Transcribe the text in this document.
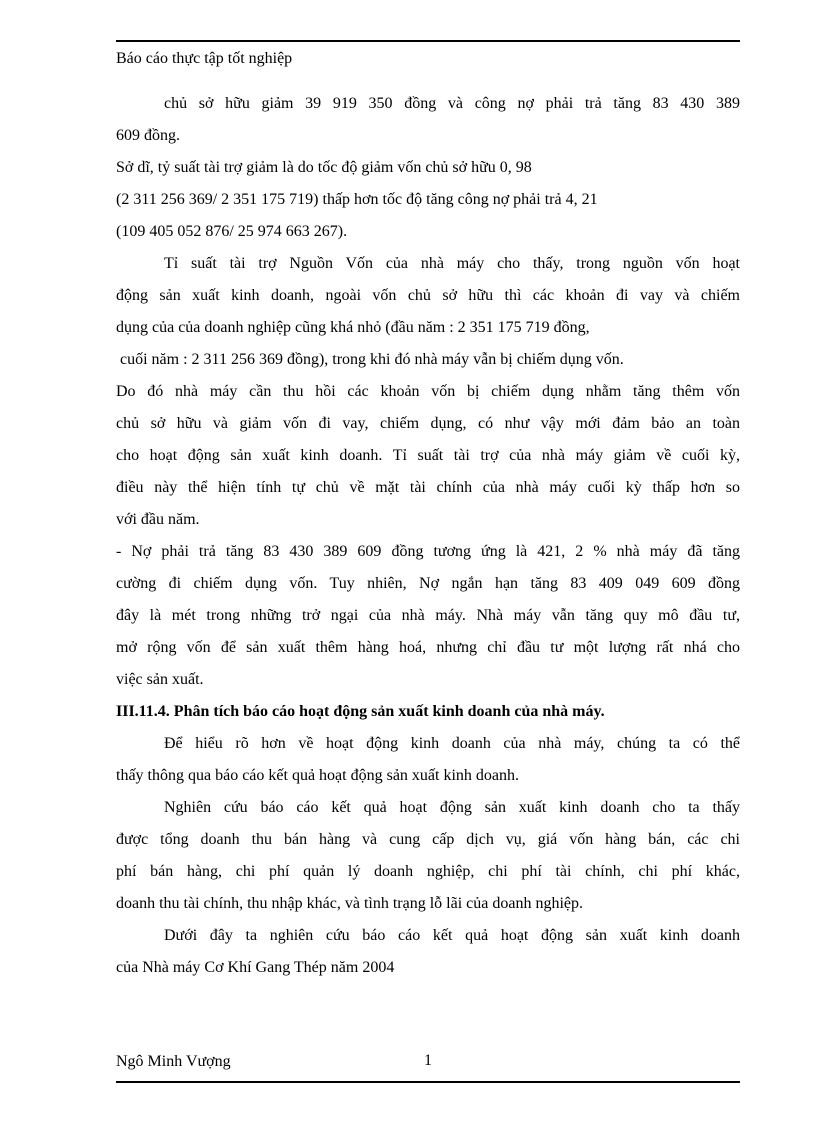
Báo cáo thực tập tốt nghiệp
chủ sở hữu giảm 39 919 350 đồng và công nợ phải trả tăng 83 430 389
609 đồng.
Sở dĩ, tỷ suất tài trợ giảm là do tốc độ giảm vốn chủ sở hữu 0, 98
(2 311 256 369/ 2 351 175 719) thấp hơn tốc độ tăng công nợ phải trả 4, 21
(109 405 052 876/ 25 974 663 267).
Tỉ suất tài trợ Nguồn Vốn của nhà máy cho thấy, trong nguồn vốn hoạt
động sản xuất kinh doanh, ngoài vốn chủ sở hữu thì các khoản đi vay và chiếm
dụng của của doanh nghiệp cũng khá nhỏ (đầu năm : 2 351 175 719 đồng,
cuối năm : 2 311 256 369 đồng), trong khi đó nhà máy vẫn bị chiếm dụng vốn.
Do đó nhà máy cần thu hồi các khoản vốn bị chiếm dụng nhằm tăng thêm vốn
chủ sở hữu và giảm vốn đi vay, chiếm dụng, có như vậy mới đảm bảo an toàn
cho hoạt động sản xuất kinh doanh. Tỉ suất tài trợ của nhà máy giảm về cuối kỳ,
điều này thể hiện tính tự chủ về mặt tài chính của nhà máy cuối kỳ thấp hơn so
với đầu năm.
- Nợ phải trả tăng 83 430 389 609 đồng tương ứng là 421, 2 % nhà máy đã tăng
cường đi chiếm dụng vốn. Tuy nhiên, Nợ ngắn hạn tăng 83 409 049 609 đồng
đây là mét trong những trở ngại của nhà máy. Nhà máy vẫn tăng quy mô đầu tư,
mở rộng vốn để sản xuất thêm hàng hoá, nhưng chỉ đầu tư một lượng rất nhá cho
việc sản xuất.
III.11.4. Phân tích báo cáo hoạt động sản xuất kinh doanh của nhà máy.
Để hiểu rõ hơn về hoạt động kinh doanh của nhà máy, chúng ta có thể
thấy thông qua báo cáo kết quả hoạt động sản xuất kinh doanh.
Nghiên cứu báo cáo kết quả hoạt động sản xuất kinh doanh cho ta thấy
được tổng doanh thu bán hàng và cung cấp dịch vụ, giá vốn hàng bán, các chi
phí bán hàng, chi phí quản lý doanh nghiệp, chi phí tài chính, chi phí khác,
doanh thu tài chính, thu nhập khác, và tình trạng lỗ lãi của doanh nghiệp.
Dưới đây ta nghiên cứu báo cáo kết quả hoạt động sản xuất kinh doanh
của Nhà máy Cơ Khí Gang Thép năm 2004
Ngô Minh Vượng	1
